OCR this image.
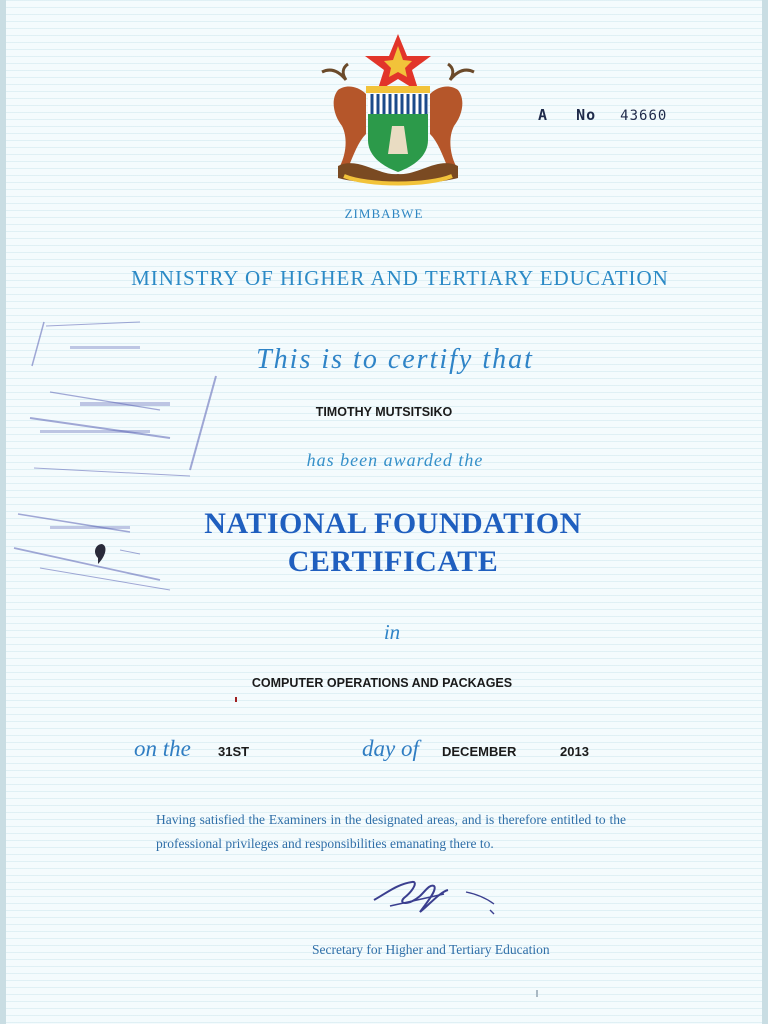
A No 43660
ZIMBABWE
MINISTRY OF HIGHER AND TERTIARY EDUCATION
This is to certify that
TIMOTHY MUTSITSIKO
has been awarded the
NATIONAL FOUNDATION
CERTIFICATE
in
COMPUTER OPERATIONS AND PACKAGES
on the 31ST	day of DECEMBER	2013
Having satisfied the Examiners in the designated areas, and is therefore entitled to the professional privileges and responsibilities emanating there to.
Secretary for Higher and Tertiary Education
